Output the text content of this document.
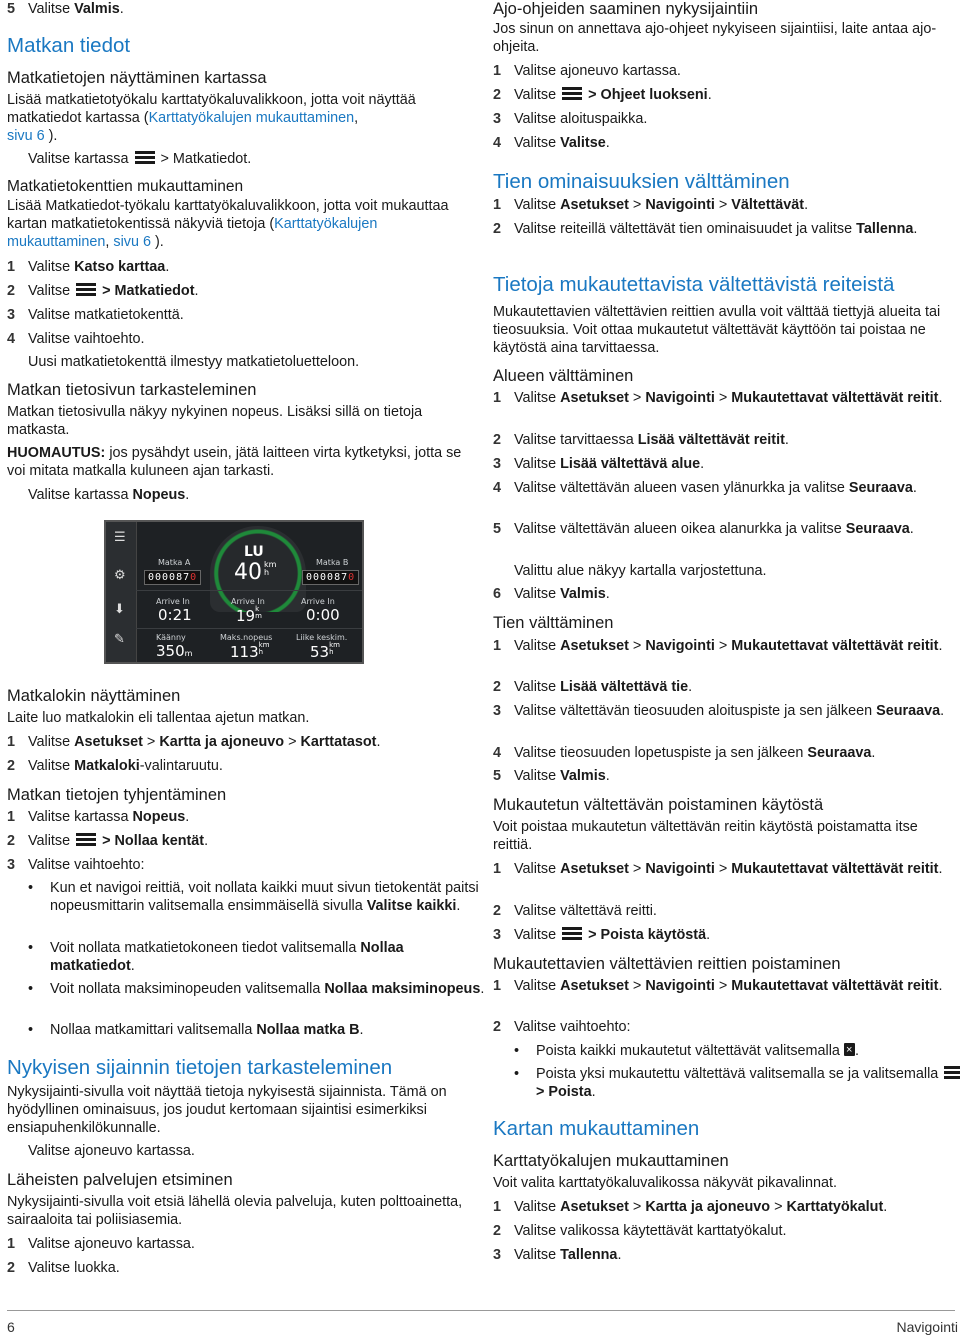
5 Valitse Valmis.
Matkan tiedot
Matkatietojen näyttäminen kartassa
Lisää matkatietotyökalu karttatyökaluvalikkoon, jotta voit näyttää matkatiedot kartassa (Karttatyökalujen mukauttaminen,
sivu 6 ).
Valitse kartassa  > Matkatiedot.
Matkatietokenttien mukauttaminen
Lisää Matkatiedot-työkalu karttatyökaluvalikkoon, jotta voit mukauttaa kartan matkatietokentissä näkyviä tietoja (Karttatyökalujen mukauttaminen, sivu 6 ).
1 Valitse Katso karttaa.
2 Valitse  > Matkatiedot.
3 Valitse matkatietokenttä.
4 Valitse vaihtoehto.
Uusi matkatietokenttä ilmestyy matkatietoluetteloon.
Matkan tietosivun tarkasteleminen
Matkan tietosivulla näkyy nykyinen nopeus. Lisäksi sillä on tietoja matkasta.
HUOMAUTUS: jos pysähdyt usein, jätä laitteen virta kytketyksi, jotta se voi mitata matkalla kuluneen ajan tarkasti.
Valitse kartassa Nopeus.
Matkalokin näyttäminen
Laite luo matkalokin eli tallentaa ajetun matkan.
1 Valitse Asetukset > Kartta ja ajoneuvo > Karttatasot.
2 Valitse Matkaloki-valintaruutu.
Matkan tietojen tyhjentäminen
1 Valitse kartassa Nopeus.
2 Valitse  > Nollaa kentät.
3 Valitse vaihtoehto:
•	Kun et navigoi reittiä, voit nollata kaikki muut sivun tietokentät paitsi nopeusmittarin valitsemalla ensimmäisellä sivulla Valitse kaikki.
•	Voit nollata matkatietokoneen tiedot valitsemalla Nollaa matkatiedot.
•	Voit nollata maksiminopeuden valitsemalla Nollaa maksiminopeus.
•	Nollaa matkamittari valitsemalla Nollaa matka B.
Nykyisen sijainnin tietojen tarkasteleminen
Nykysijainti-sivulla voit näyttää tietoja nykyisestä sijainnista. Tämä on hyödyllinen ominaisuus, jos joudut kertomaan sijaintisi esimerkiksi ensiapuhenkilökunnalle.
Valitse ajoneuvo kartassa.
Läheisten palvelujen etsiminen
Nykysijainti-sivulla voit etsiä lähellä olevia palveluja, kuten polttoainetta, sairaaloita tai poliisiasemia.
1 Valitse ajoneuvo kartassa.
2 Valitse luokka.
☰
⚙
⬇
✎
LU
40 km
h
Matka A
0000870
Matka B
0000870
Arrive In
0:21
Arrive In
19k
m
Arrive In
0:00
Käänny
350m
Maks.nopeus
113km
h
Liike keskim.
53km
h
Ajo-ohjeiden saaminen nykysijaintiin
Jos sinun on annettava ajo-ohjeet nykyiseen sijaintiisi, laite antaa ajo-ohjeita.
1 Valitse ajoneuvo kartassa.
2 Valitse  > Ohjeet luokseni.
3 Valitse aloituspaikka.
4 Valitse Valitse.
Tien ominaisuuksien välttäminen
1 Valitse Asetukset > Navigointi > Vältettävät.
2 Valitse reiteillä vältettävät tien ominaisuudet ja valitse Tallenna.
Tietoja mukautettavista vältettävistä reiteistä
Mukautettavien vältettävien reittien avulla voit välttää tiettyjä alueita tai tieosuuksia. Voit ottaa mukautetut vältettävät käyttöön tai poistaa ne käytöstä aina tarvittaessa.
Alueen välttäminen
1 Valitse Asetukset > Navigointi > Mukautettavat vältettävät reitit.
2 Valitse tarvittaessa Lisää vältettävät reitit.
3 Valitse Lisää vältettävä alue.
4 Valitse vältettävän alueen vasen ylänurkka ja valitse Seuraava.
5 Valitse vältettävän alueen oikea alanurkka ja valitse Seuraava.
Valittu alue näkyy kartalla varjostettuna.
6 Valitse Valmis.
Tien välttäminen
1 Valitse Asetukset > Navigointi > Mukautettavat vältettävät reitit.
2 Valitse Lisää vältettävä tie.
3 Valitse vältettävän tieosuuden aloituspiste ja sen jälkeen Seuraava.
4 Valitse tieosuuden lopetuspiste ja sen jälkeen Seuraava.
5 Valitse Valmis.
Mukautetun vältettävän poistaminen käytöstä
Voit poistaa mukautetun vältettävän reitin käytöstä poistamatta itse reittiä.
1 Valitse Asetukset > Navigointi > Mukautettavat vältettävät reitit.
2 Valitse vältettävä reitti.
3 Valitse  > Poista käytöstä.
Mukautettavien vältettävien reittien poistaminen
1 Valitse Asetukset > Navigointi > Mukautettavat vältettävät reitit.
2 Valitse vaihtoehto:
•	Poista kaikki mukautetut vältettävät valitsemalla ×.
•	Poista yksi mukautettu vältettävä valitsemalla se ja valitsemalla  > Poista.
Kartan mukauttaminen
Karttatyökalujen mukauttaminen
Voit valita karttatyökaluvalikossa näkyvät pikavalinnat.
1 Valitse Asetukset > Kartta ja ajoneuvo > Karttatyökalut.
2 Valitse valikossa käytettävät karttatyökalut.
3 Valitse Tallenna.
6	Navigointi
